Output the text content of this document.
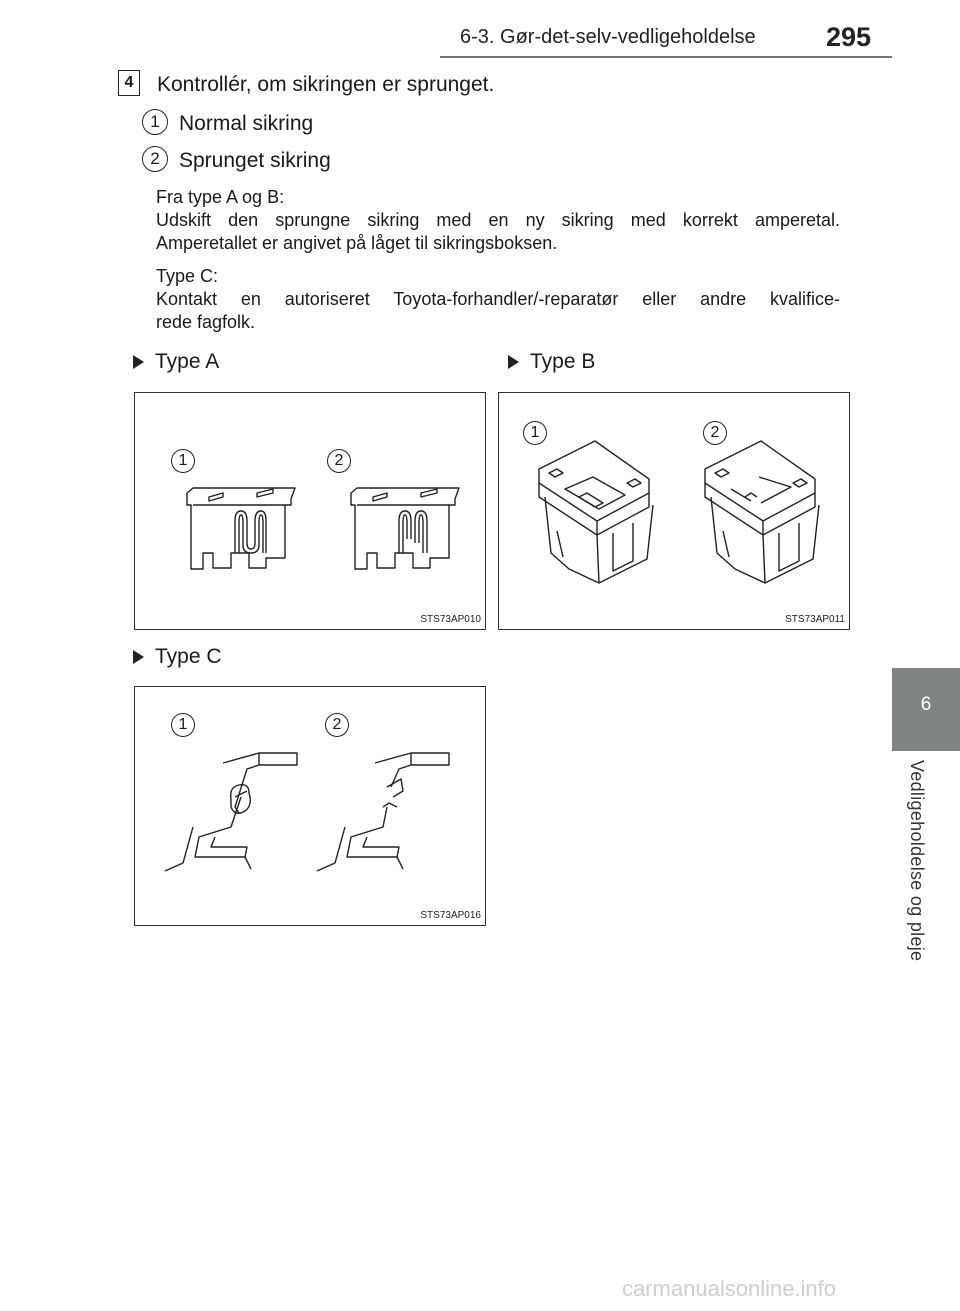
6-3. Gør-det-selv-vedligeholdelse	295
6
Vedligeholdelse og pleje
4	Kontrollér, om sikringen er sprunget.
1 Normal sikring
2 Sprunget sikring
Fra type A og B:
Udskift den sprungne sikring med en ny sikring med korrekt amperetal.
Amperetallet er angivet på låget til sikringsboksen.
Type C:
Kontakt en autoriseret Toyota-forhandler/-reparatør eller andre kvalifice-
rede fagfolk.
Type A	Type B
Type C
1	2
STS73AP010
1	2
STS73AP011
1	2
STS73AP016
carmanualsonline.info
